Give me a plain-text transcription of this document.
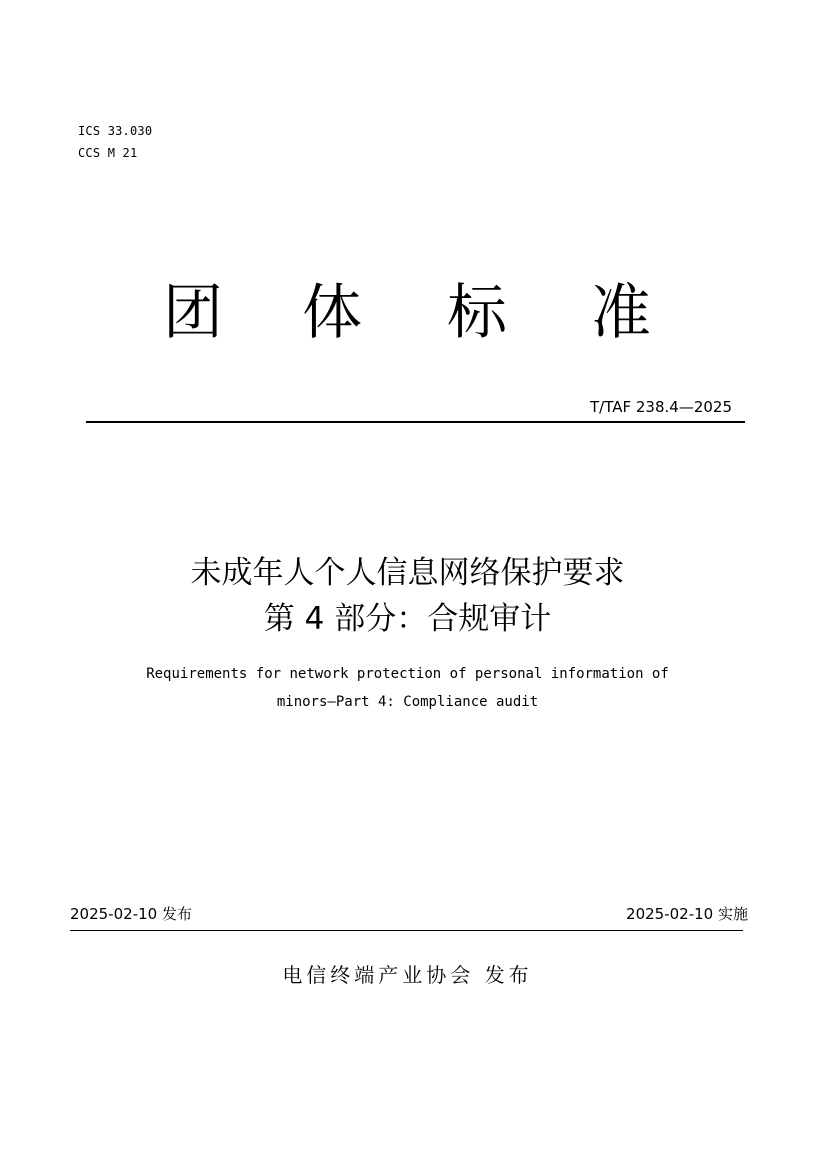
ICS 33.030
CCS M 21
团 体 标 准
T/TAF 238.4—2025
未成年人个人信息网络保护要求
第 4 部分：合规审计
Requirements for network protection of personal information of
minors—Part 4: Compliance audit
2025-02-10 发布	2025-02-10 实施
电信终端产业协会 发布
